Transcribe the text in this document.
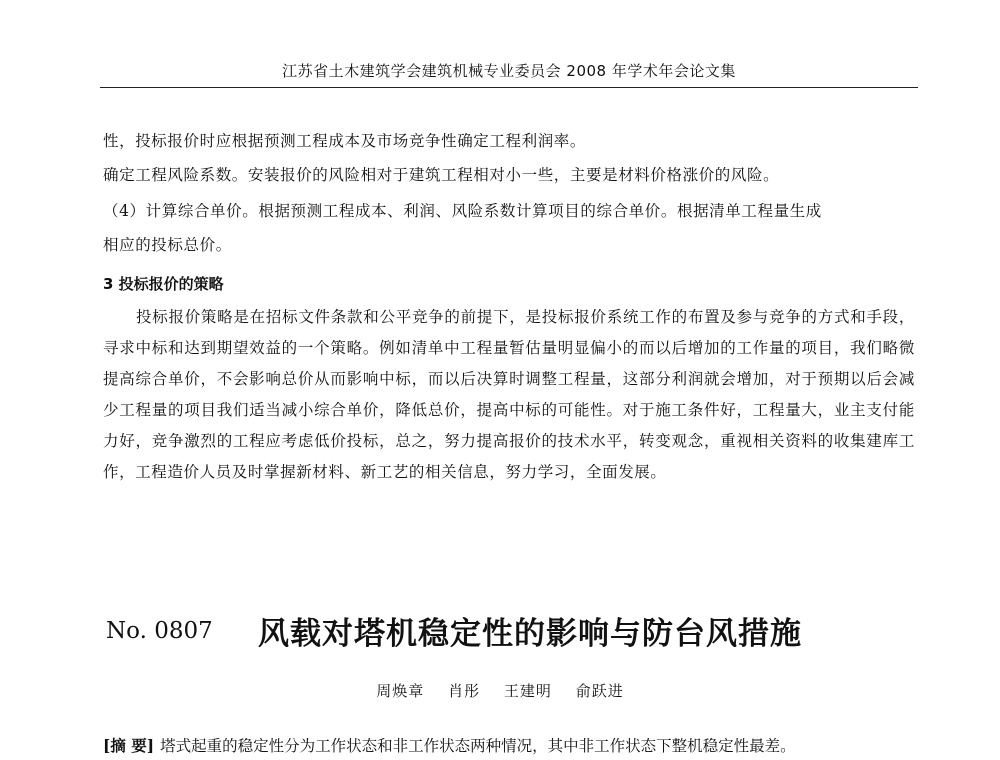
江苏省土木建筑学会建筑机械专业委员会 2008 年学术年会论文集
性，投标报价时应根据预测工程成本及市场竞争性确定工程利润率。
确定工程风险系数。安装报价的风险相对于建筑工程相对小一些，主要是材料价格涨价的风险。
（4）计算综合单价。根据预测工程成本、利润、风险系数计算项目的综合单价。根据清单工程量生成
相应的投标总价。
3 投标报价的策略
投标报价策略是在招标文件条款和公平竞争的前提下，是投标报价系统工作的布置及参与竞争的方式和手段，寻求中标和达到期望效益的一个策略。例如清单中工程量暂估量明显偏小的而以后增加的工作量的项目，我们略微提高综合单价，不会影响总价从而影响中标，而以后决算时调整工程量，这部分利润就会增加，对于预期以后会减少工程量的项目我们适当减小综合单价，降低总价，提高中标的可能性。对于施工条件好，工程量大，业主支付能力好，竞争激烈的工程应考虑低价投标，总之，努力提高报价的技术水平，转变观念，重视相关资料的收集建库工作，工程造价人员及时掌握新材料、新工艺的相关信息，努力学习，全面发展。
No. 0807 风载对塔机稳定性的影响与防台风措施
周焕章 肖彤 王建明 俞跃进
[摘 要] 塔式起重的稳定性分为工作状态和非工作状态两种情况，其中非工作状态下整机稳定性最差。
